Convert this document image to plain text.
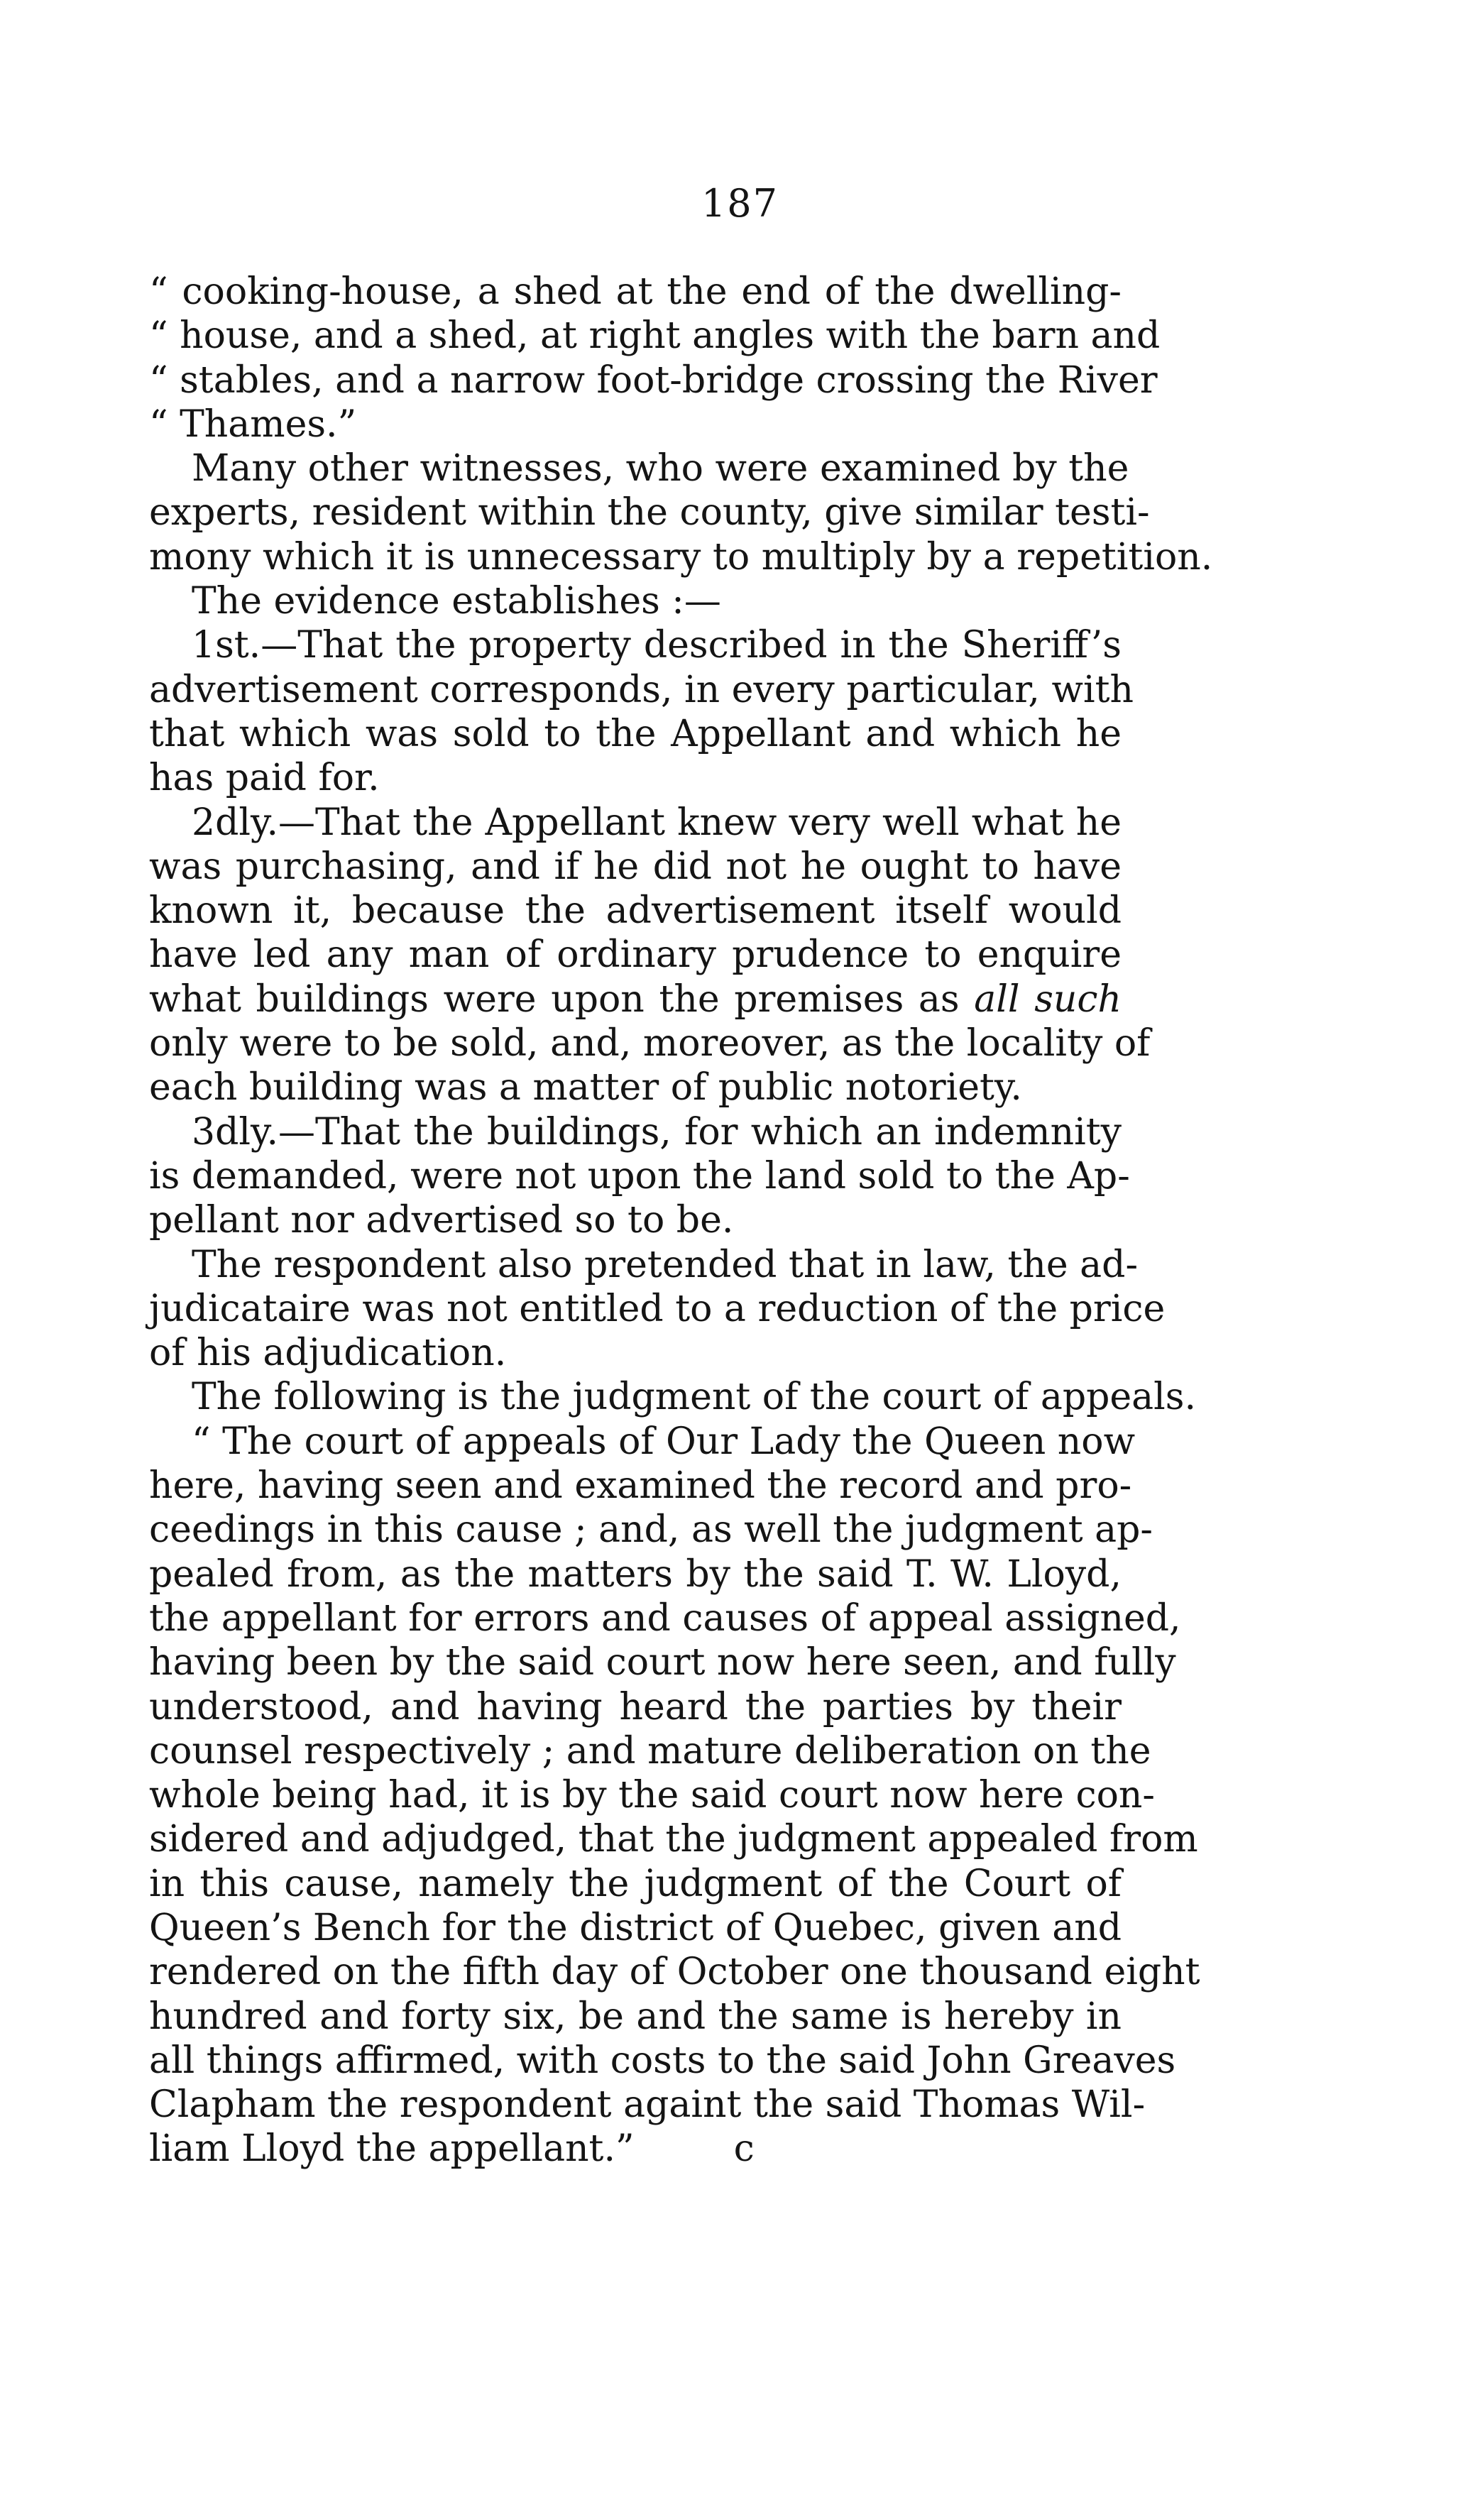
187
“ cooking-house, a shed at the end of the dwelling-
“ house, and a shed, at right angles with the barn and
“ stables, and a narrow foot-bridge crossing the River
“ Thames.”
Many other witnesses, who were examined by the
experts, resident within the county, give similar testi-
mony which it is unnecessary to multiply by a repetition.
The evidence establishes :—
1st.—That the property described in the Sheriff’s
advertisement corresponds, in every particular, with
that which was sold to the Appellant and which he
has paid for.
2dly.—That the Appellant knew very well what he
was purchasing, and if he did not he ought to have
known it, because the advertisement itself would
have led any man of ordinary prudence to enquire
what buildings were upon the premises as all such
only were to be sold, and, moreover, as the locality of
each building was a matter of public notoriety.
3dly.—That the buildings, for which an indemnity
is demanded, were not upon the land sold to the Ap-
pellant nor advertised so to be.
The respondent also pretended that in law, the ad-
judicataire was not entitled to a reduction of the price
of his adjudication.
The following is the judgment of the court of appeals.
“ The court of appeals of Our Lady the Queen now
here, having seen and examined the record and pro-
ceedings in this cause ; and, as well the judgment ap-
pealed from, as the matters by the said T. W. Lloyd,
the appellant for errors and causes of appeal assigned,
having been by the said court now here seen, and fully
understood, and having heard the parties by their
counsel respectively ; and mature deliberation on the
whole being had, it is by the said court now here con-
sidered and adjudged, that the judgment appealed from
in this cause, namely the judgment of the Court of
Queen’s Bench for the district of Quebec, given and
rendered on the fifth day of October one thousand eight
hundred and forty six, be and the same is hereby in
all things affirmed, with costs to the said John Greaves
Clapham the respondent againt the said Thomas Wil-
liam Lloyd the appellant.”	c
